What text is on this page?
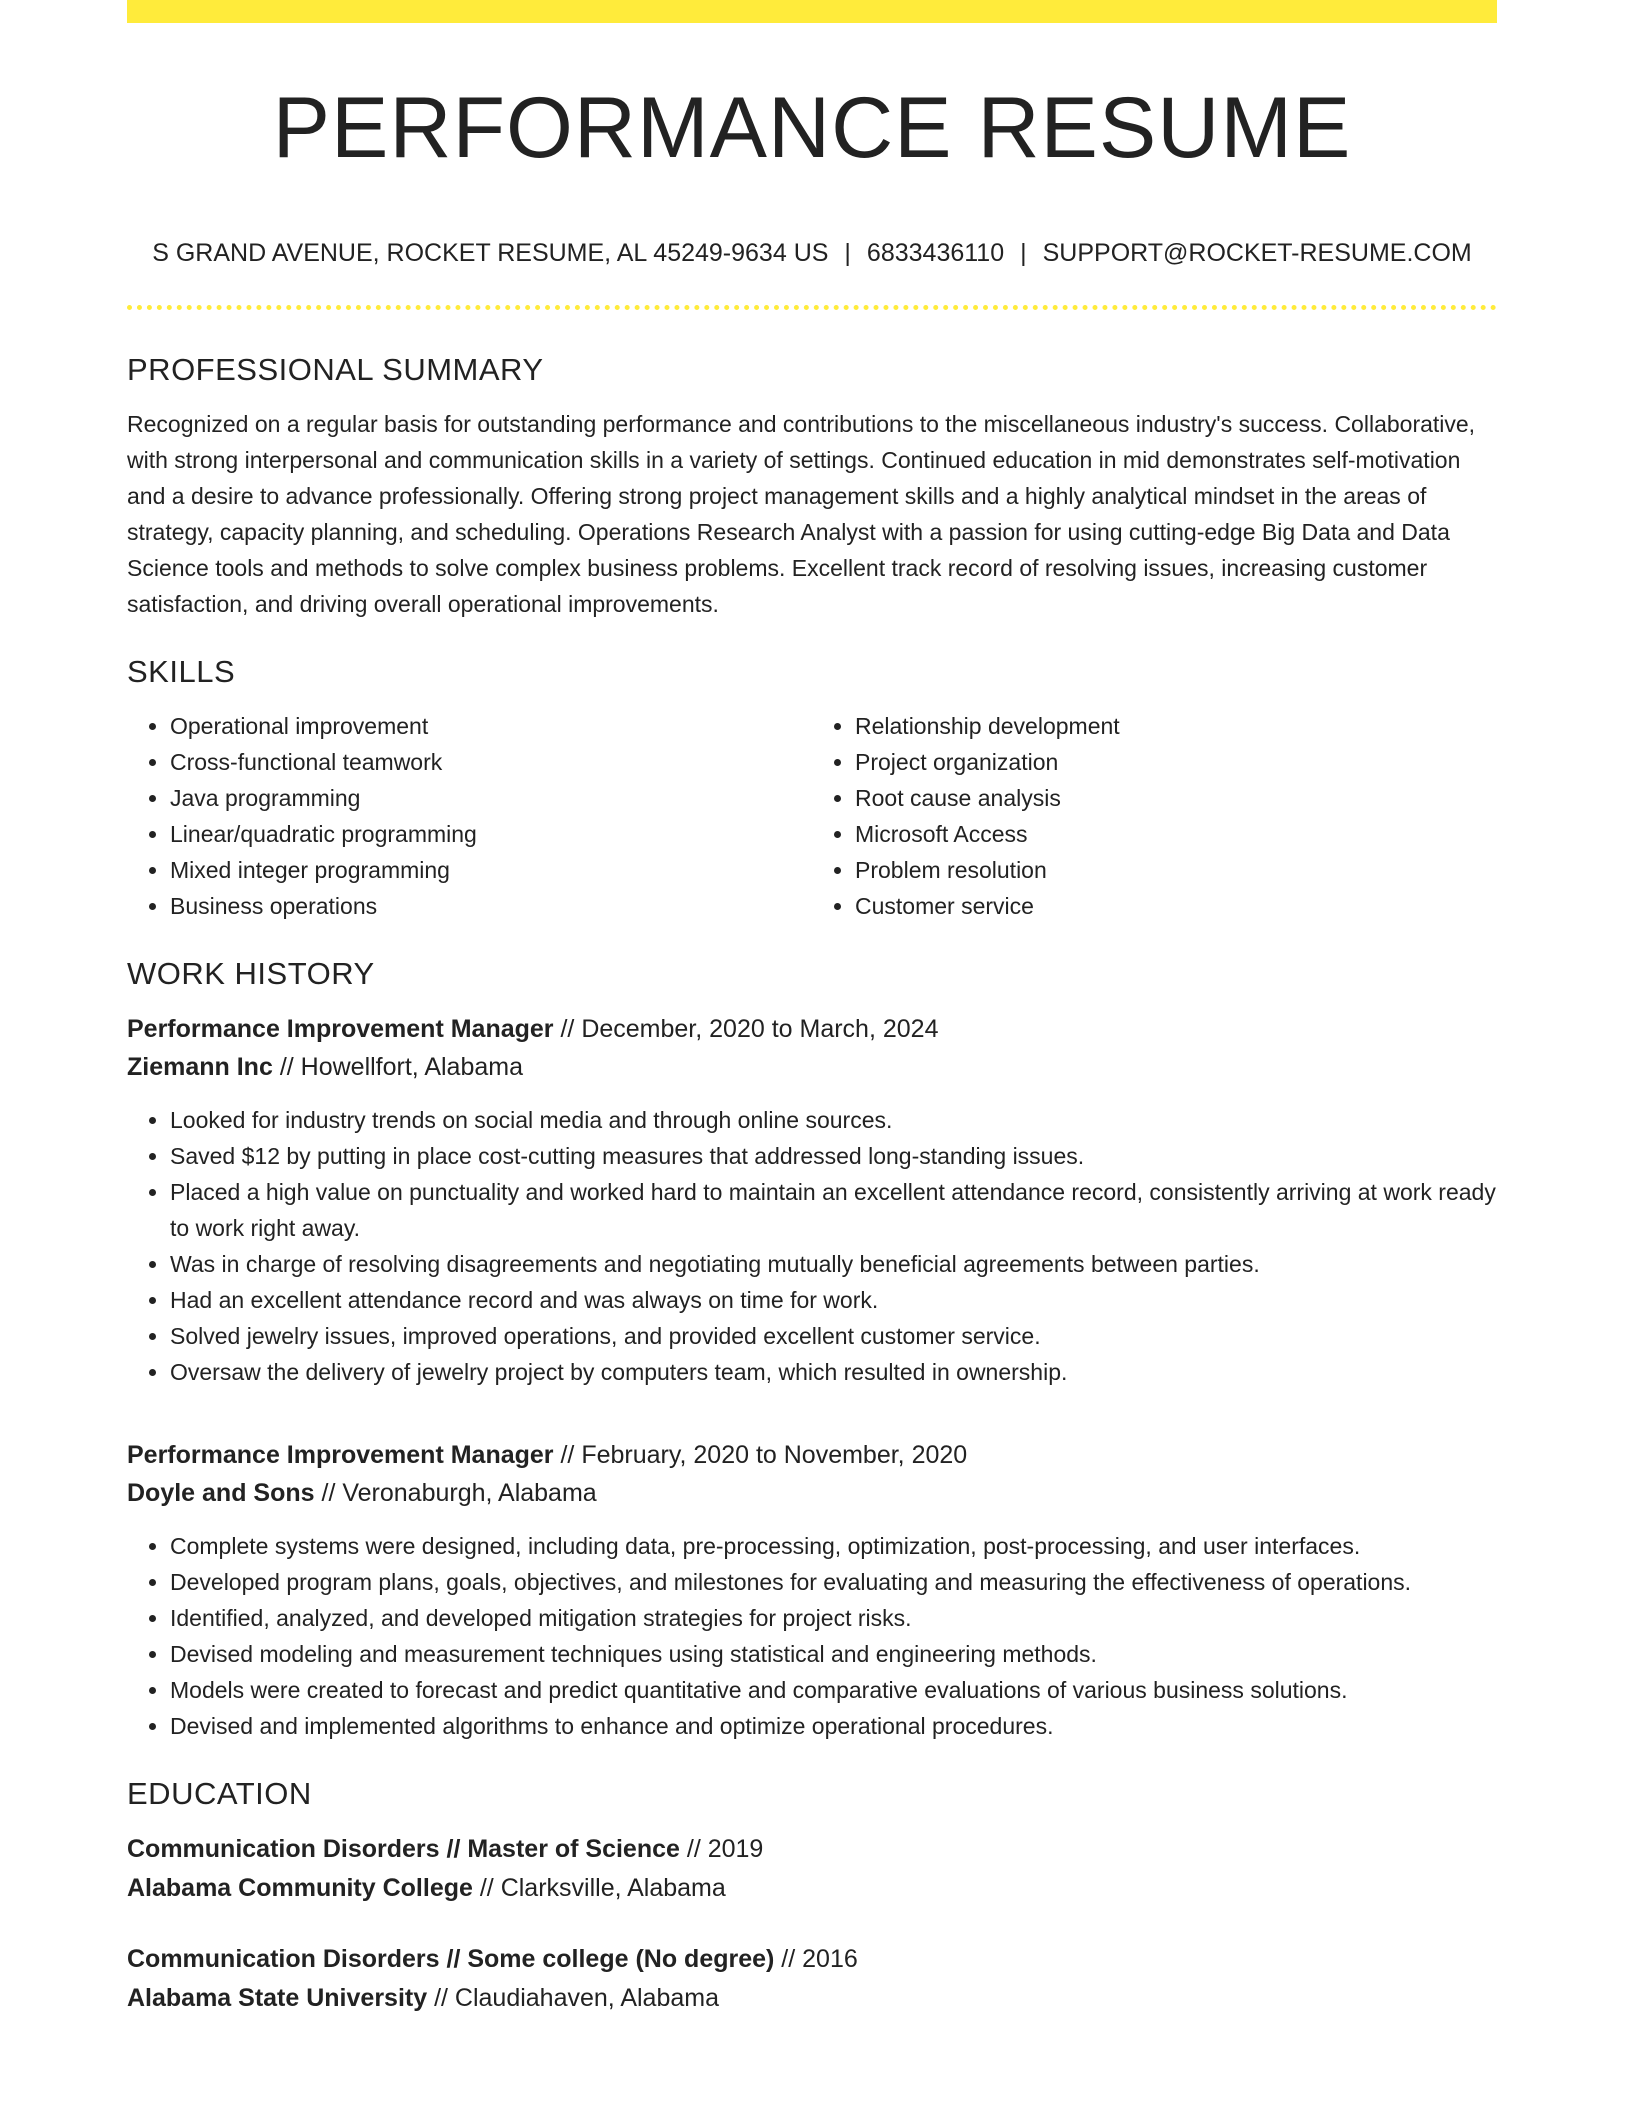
PERFORMANCE RESUME
S GRAND AVENUE, ROCKET RESUME, AL 45249-9634 US | 6833436110 | SUPPORT@ROCKET-RESUME.COM
PROFESSIONAL SUMMARY

Recognized on a regular basis for outstanding performance and contributions to the miscellaneous industry's success. Collaborative, with strong interpersonal and communication skills in a variety of settings. Continued education in mid demonstrates self-motivation and a desire to advance professionally. Offering strong project management skills and a highly analytical mindset in the areas of strategy, capacity planning, and scheduling. Operations Research Analyst with a passion for using cutting-edge Big Data and Data Science tools and methods to solve complex business problems. Excellent track record of resolving issues, increasing customer satisfaction, and driving overall operational improvements.

SKILLS
• Operational improvement
• Cross-functional teamwork
• Java programming
• Linear/quadratic programming
• Mixed integer programming
• Business operations
• Relationship development
• Project organization
• Root cause analysis
• Microsoft Access
• Problem resolution
• Customer service
WORK HISTORY
Performance Improvement Manager // December, 2020 to March, 2024
Ziemann Inc // Howellfort, Alabama
• Looked for industry trends on social media and through online sources.
• Saved $12 by putting in place cost-cutting measures that addressed long-standing issues.
• Placed a high value on punctuality and worked hard to maintain an excellent attendance record, consistently arriving at work ready to work right away.
• Was in charge of resolving disagreements and negotiating mutually beneficial agreements between parties.
• Had an excellent attendance record and was always on time for work.
• Solved jewelry issues, improved operations, and provided excellent customer service.
• Oversaw the delivery of jewelry project by computers team, which resulted in ownership.
Performance Improvement Manager // February, 2020 to November, 2020
Doyle and Sons // Veronaburgh, Alabama
• Complete systems were designed, including data, pre-processing, optimization, post-processing, and user interfaces.
• Developed program plans, goals, objectives, and milestones for evaluating and measuring the effectiveness of operations.
• Identified, analyzed, and developed mitigation strategies for project risks.
• Devised modeling and measurement techniques using statistical and engineering methods.
• Models were created to forecast and predict quantitative and comparative evaluations of various business solutions.
• Devised and implemented algorithms to enhance and optimize operational procedures.
EDUCATION
Communication Disorders // Master of Science // 2019
Alabama Community College // Clarksville, Alabama
Communication Disorders // Some college (No degree) // 2016
Alabama State University // Claudiahaven, Alabama
